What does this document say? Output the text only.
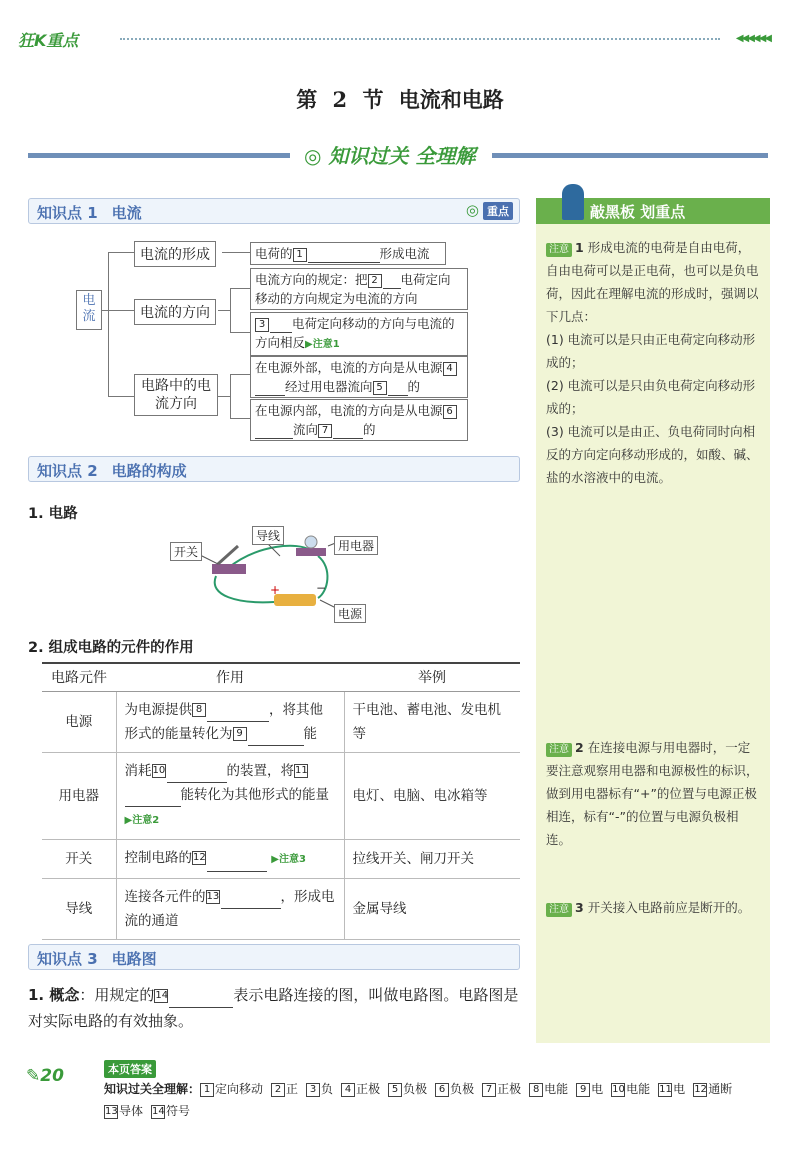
狂K重点	◀◀◀◀◀◀
第 2 节 电流和电路
◎ 知识过关 全理解
知识点 1 电流	重点
◎
电流
电流的形成
电流的方向
电路中的电流方向
电荷的 1	形成电流
电流方向的规定：把 2 电荷定向移动的方向规定为电流的方向
3 电荷定向移动的方向与电流的方向相反▶注意1
在电源外部，电流的方向是从电源 4经过用电器流向 5 的
在电源内部，电流的方向是从电源 6流向 7	的
知识点 2 电路的构成
1. 电路
+	−
开关
导线
用电器
电源
2. 组成电路的元件的作用
电路元件	作用	举例
电源	为电源提供 8 ，将其他形式的能量转化为 9 能	干电池、蓄电池、发电机等
用电器	消耗10 的装置，将11能转化为其他形式的能量▶注意2	电灯、电脑、电冰箱等
开关	控制电路的12 ▶注意3	拉线开关、闸刀开关
导线	连接各元件的13 ，形成电流的通道	金属导线
知识点 3 电路图
1. 概念：用规定的14	表示电路连接的图，叫做电路图。电路图是对实际电路的有效抽象。
敲黑板 划重点
注意 1 形成电流的电荷是自由电荷，自由电荷可以是正电荷，也可以是负电荷，因此在理解电流的形成时，强调以下几点：
(1) 电流可以是只由正电荷定向移动形成的；
(2) 电流可以是只由负电荷定向移动形成的；
(3) 电流可以是由正、负电荷同时向相反的方向定向移动形成的，如酸、碱、盐的水溶液中的电流。
注意 2 在连接电源与用电器时，一定要注意观察用电器和电源极性的标识，做到用电器标有“+”的位置与电源正极相连，标有“-”的位置与电源负极相连。
注意 3 开关接入电路前应是断开的。
✎20	本页答案
知识过关全理解： 1 定向移动 2 正 3 负 4 正极 5 负极 6 负极 7 正极 8 电能 9 电 10电能 11电 12通断13导体 14符号
